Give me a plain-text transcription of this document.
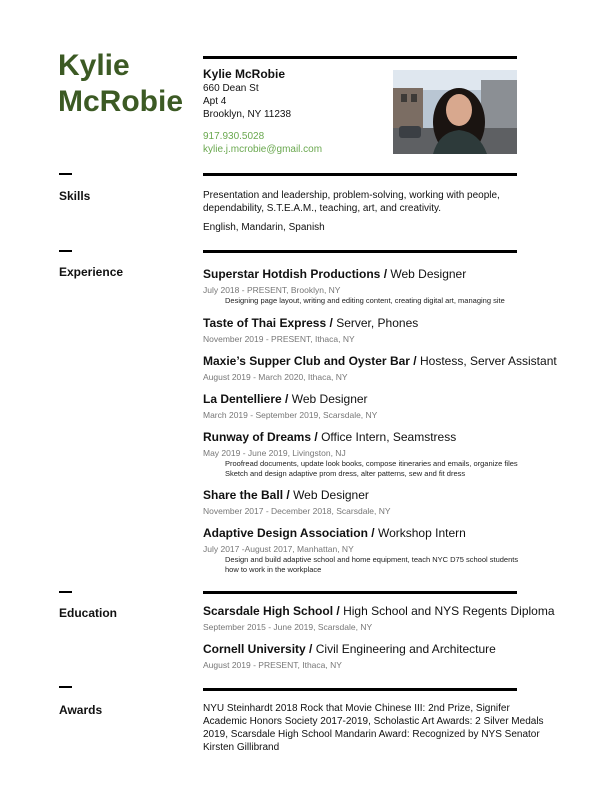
Kylie
McRobie
Kylie McRobie
660 Dean St
Apt 4
Brooklyn, NY 11238
917.930.5028
kylie.j.mcrobie@gmail.com
Skills	Presentation and leadership, problem-solving, working with people, dependability, S.T.E.A.M., teaching, art, and creativity.
English, Mandarin, Spanish
Experience	Superstar Hotdish Productions / Web Designer
July 2018 - PRESENT, Brooklyn, NY
Designing page layout, writing and editing content, creating digital art, managing site
Taste of Thai Express / Server, Phones
November 2019 - PRESENT, Ithaca, NY
Maxie’s Supper Club and Oyster Bar / Hostess, Server Assistant
August 2019 - March 2020, Ithaca, NY
La Dentelliere / Web Designer
March 2019 - September 2019, Scarsdale, NY
Runway of Dreams / Office Intern, Seamstress
May 2019 - June 2019, Livingston, NJ
Proofread documents, update look books, compose itineraries and emails, organize files
Sketch and design adaptive prom dress, alter patterns, sew and fit dress
Share the Ball / Web Designer
November 2017 - December 2018, Scarsdale, NY
Adaptive Design Association / Workshop Intern
July 2017 -August 2017, Manhattan, NY
Design and build adaptive school and home equipment, teach NYC D75 school students
how to work in the workplace
Education	Scarsdale High School / High School and NYS Regents Diploma
September 2015 - June 2019, Scarsdale, NY
Cornell University / Civil Engineering and Architecture
August 2019 - PRESENT, Ithaca, NY
Awards	NYU Steinhardt 2018 Rock that Movie Chinese III: 2nd Prize, Signifer Academic Honors Society 2017-2019, Scholastic Art Awards: 2 Silver Medals 2019, Scarsdale High School Mandarin Award: Recognized by NYS Senator Kirsten Gillibrand
